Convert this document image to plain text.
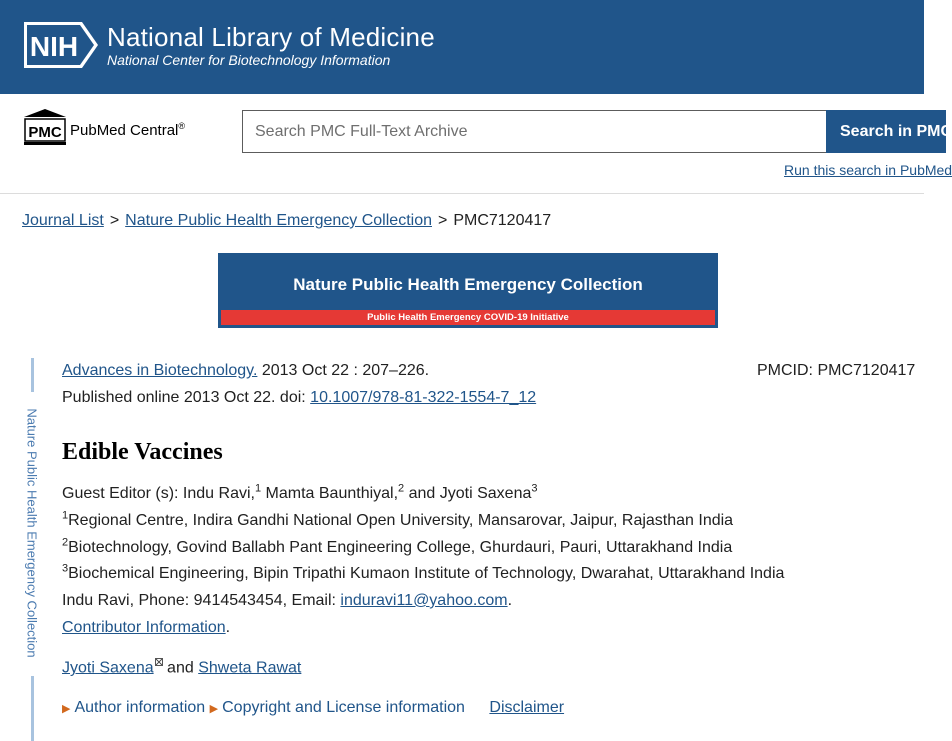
NIH National Library of Medicine
National Center for Biotechnology Information
PMC PubMed Central®
Search PMC Full-Text Archive	Search in PMC
Run this search in PubMed
Journal List > Nature Public Health Emergency Collection > PMC7120417
Nature Public Health Emergency Collection
Public Health Emergency COVID-19 Initiative
Nature Public Health Emergency Collection
Advances in Biotechnology. 2013 Oct 22 : 207–226.	PMCID: PMC7120417
Published online 2013 Oct 22. doi: 10.1007/978-81-322-1554-7_12
Edible Vaccines
Guest Editor (s): Indu Ravi,$^1$ Mamta Baunthiyal,$^2$ and Jyoti Saxena$^3$
$^1$Regional Centre, Indira Gandhi National Open University, Mansarovar, Jaipur, Rajasthan India
$^2$Biotechnology, Govind Ballabh Pant Engineering College, Ghurdauri, Pauri, Uttarakhand India
$^3$Biochemical Engineering, Bipin Tripathi Kumaon Institute of Technology, Dwarahat, Uttarakhand India
Indu Ravi, Phone: 9414543454, Email: induravi11@yahoo.com.
Contributor Information.
Jyoti Saxena and Shweta Rawat
▶ Author information ▶ Copyright and License information Disclaimer
